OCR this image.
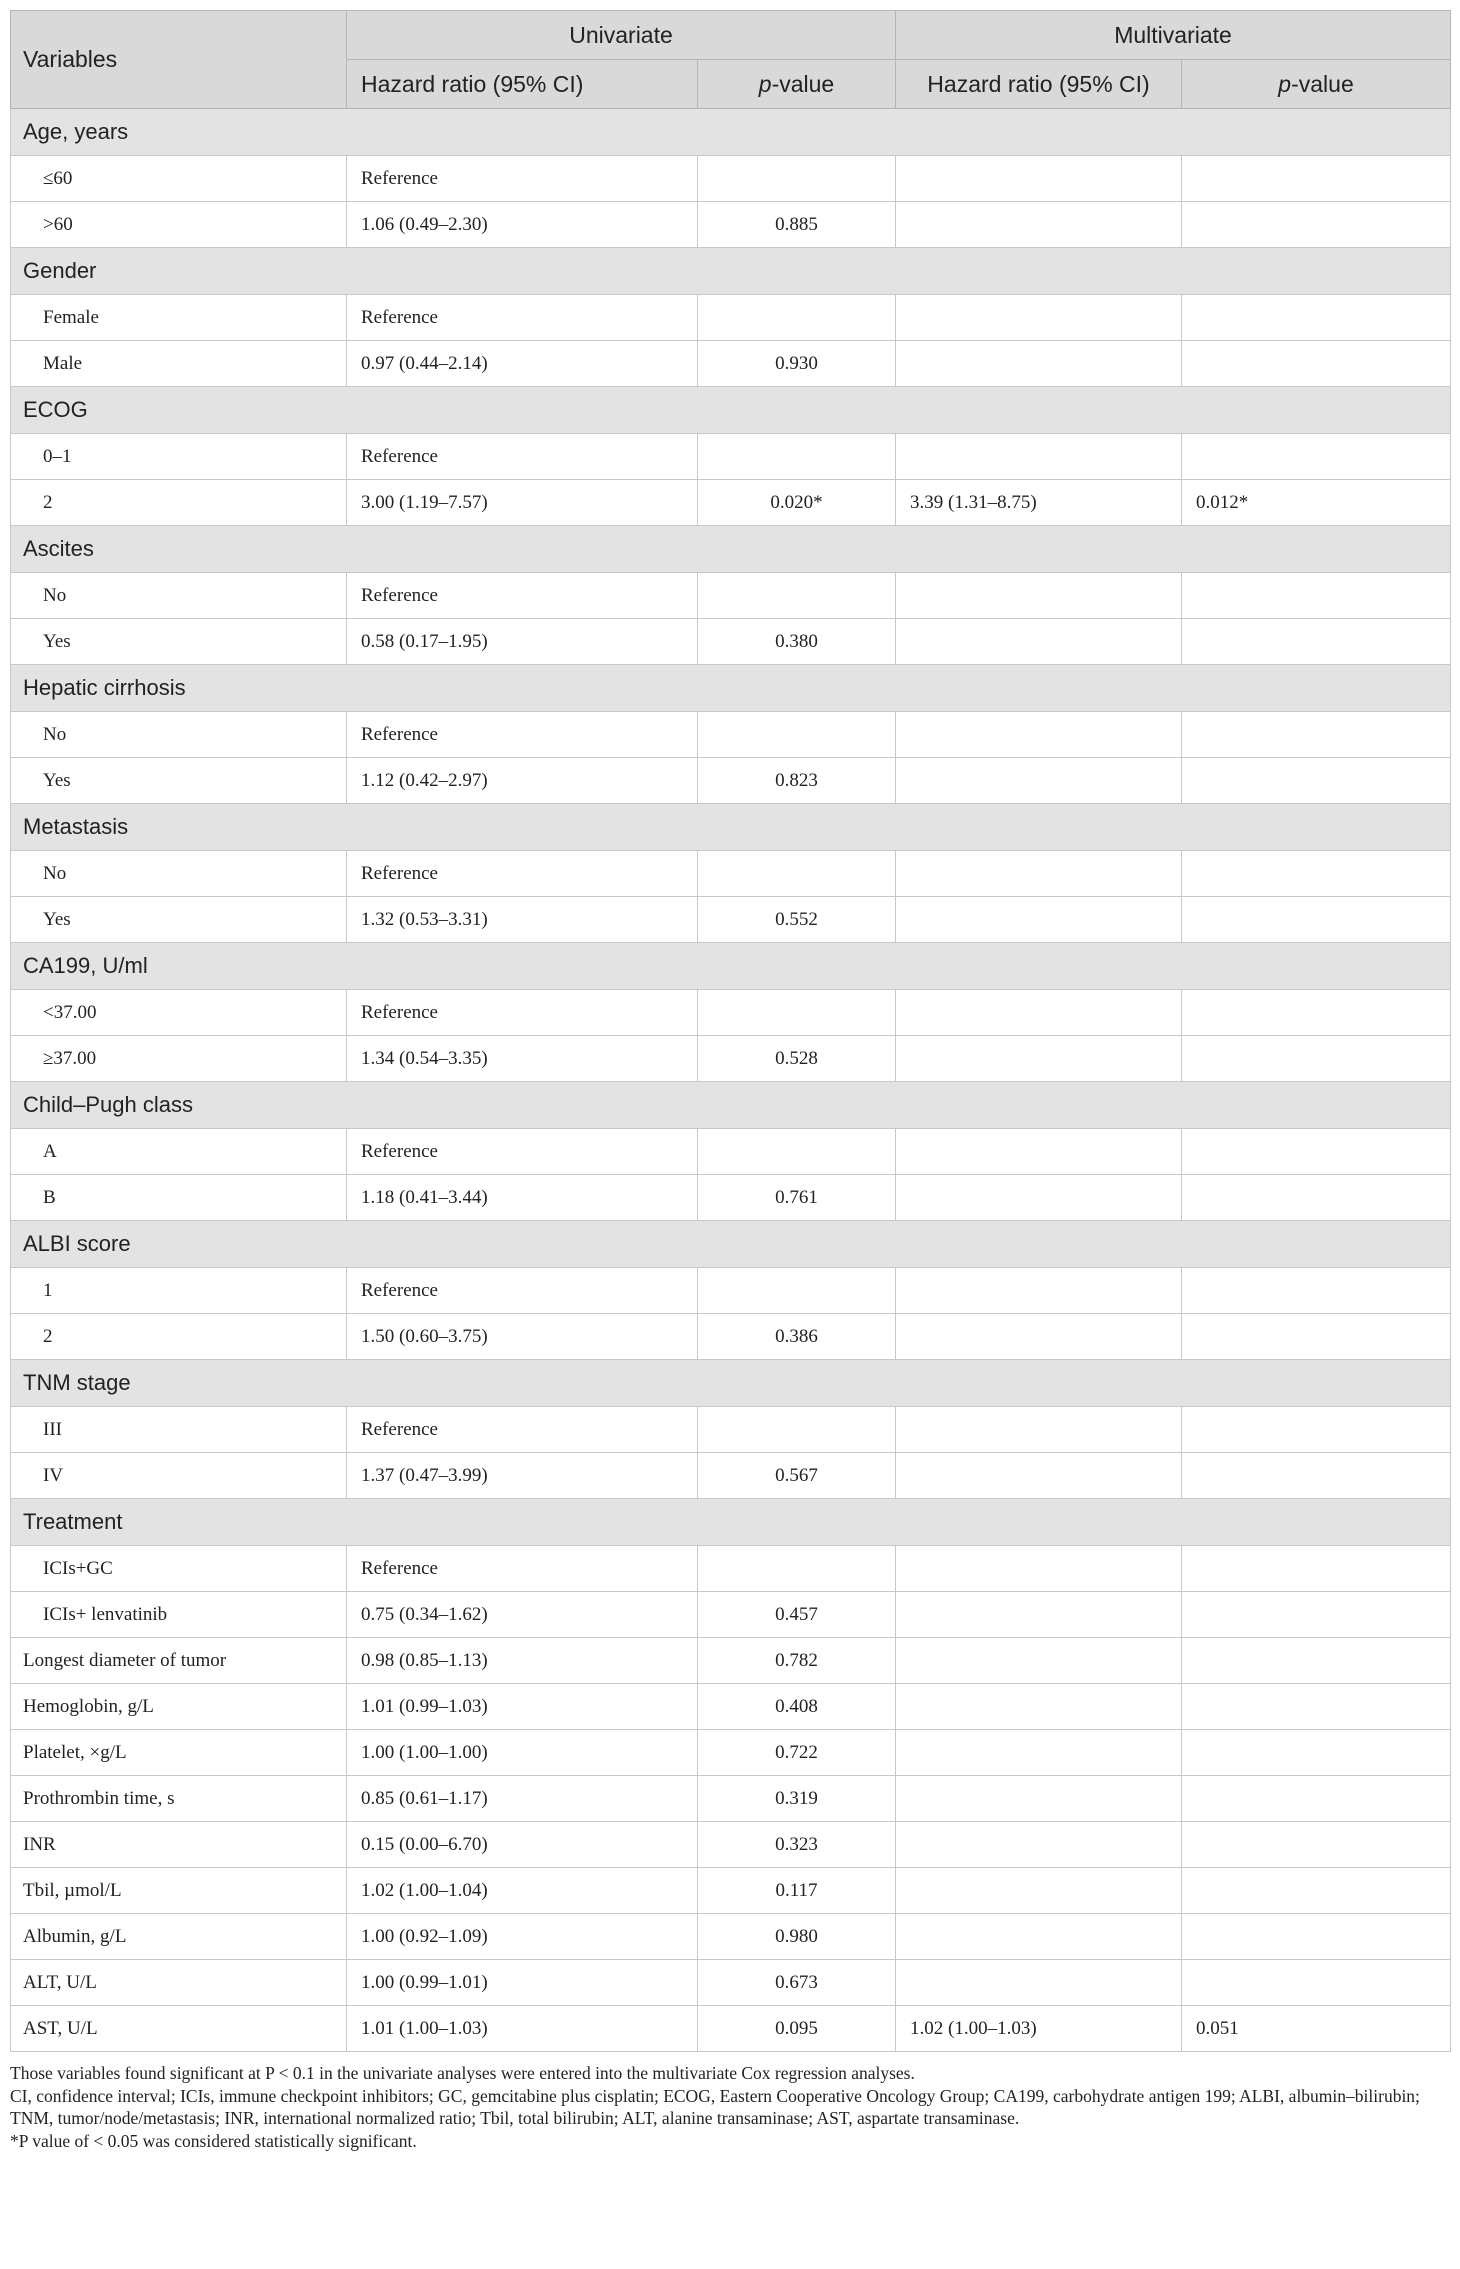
Variables	Univariate		Multivariate	
	Hazard ratio (95% CI)	p-value	Hazard ratio (95% CI)	p-value
Age, years				
≤60	Reference			
>60	1.06 (0.49–2.30)	0.885		
Gender				
Female	Reference			
Male	0.97 (0.44–2.14)	0.930		
ECOG				
0–1	Reference			
2	3.00 (1.19–7.57)	0.020*	3.39 (1.31–8.75)	0.012*
Ascites				
No	Reference			
Yes	0.58 (0.17–1.95)	0.380		
Hepatic cirrhosis				
No	Reference			
Yes	1.12 (0.42–2.97)	0.823		
Metastasis				
No	Reference			
Yes	1.32 (0.53–3.31)	0.552		
CA199, U/ml				
<37.00	Reference			
≥37.00	1.34 (0.54–3.35)	0.528		
Child–Pugh class				
A	Reference			
B	1.18 (0.41–3.44)	0.761		
ALBI score				
1	Reference			
2	1.50 (0.60–3.75)	0.386		
TNM stage				
III	Reference			
IV	1.37 (0.47–3.99)	0.567		
Treatment				
ICIs+GC	Reference			
ICIs+ lenvatinib	0.75 (0.34–1.62)	0.457		
Longest diameter of tumor	0.98 (0.85–1.13)	0.782		
Hemoglobin, g/L	1.01 (0.99–1.03)	0.408		
Platelet, ×g/L	1.00 (1.00–1.00)	0.722		
Prothrombin time, s	0.85 (0.61–1.17)	0.319		
INR	0.15 (0.00–6.70)	0.323		
Tbil, µmol/L	1.02 (1.00–1.04)	0.117		
Albumin, g/L	1.00 (0.92–1.09)	0.980		
ALT, U/L	1.00 (0.99–1.01)	0.673		
AST, U/L	1.01 (1.00–1.03)	0.095	1.02 (1.00–1.03)	0.051

Those variables found significant at P < 0.1 in the univariate analyses were entered into the multivariate Cox regression analyses.

CI, confidence interval; ICIs, immune checkpoint inhibitors; GC, gemcitabine plus cisplatin; ECOG, Eastern Cooperative Oncology Group; CA199, carbohydrate antigen 199; ALBI, albumin–bilirubin; TNM, tumor/node/metastasis; INR, international normalized ratio; Tbil, total bilirubin; ALT, alanine transaminase; AST, aspartate transaminase.

*P value of < 0.05 was considered statistically significant.
